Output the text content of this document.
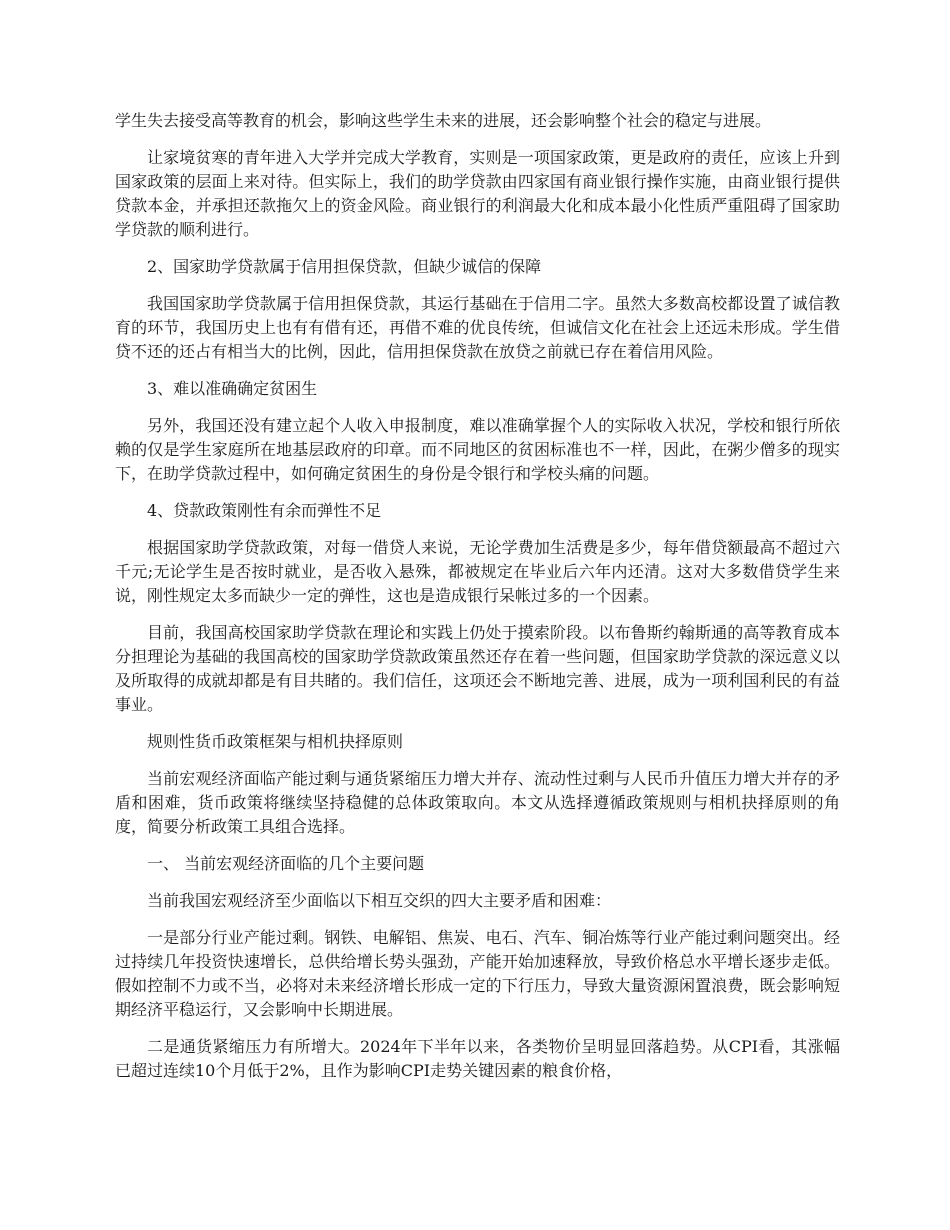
学生失去接受高等教育的机会，影响这些学生未来的进展，还会影响整个社会的稳定与进展。

让家境贫寒的青年进入大学并完成大学教育，实则是一项国家政策，更是政府的责任，应该上升到国家政策的层面上来对待。但实际上，我们的助学贷款由四家国有商业银行操作实施，由商业银行提供贷款本金，并承担还款拖欠上的资金风险。商业银行的利润最大化和成本最小化性质严重阻碍了国家助学贷款的顺利进行。

2、国家助学贷款属于信用担保贷款，但缺少诚信的保障

我国国家助学贷款属于信用担保贷款，其运行基础在于信用二字。虽然大多数高校都设置了诚信教育的环节，我国历史上也有有借有还，再借不难的优良传统，但诚信文化在社会上还远未形成。学生借贷不还的还占有相当大的比例，因此，信用担保贷款在放贷之前就已存在着信用风险。

3、难以准确确定贫困生

另外，我国还没有建立起个人收入申报制度，难以准确掌握个人的实际收入状况，学校和银行所依赖的仅是学生家庭所在地基层政府的印章。而不同地区的贫困标准也不一样，因此，在粥少僧多的现实下，在助学贷款过程中，如何确定贫困生的身份是令银行和学校头痛的问题。

4、贷款政策刚性有余而弹性不足

根据国家助学贷款政策，对每一借贷人来说，无论学费加生活费是多少，每年借贷额最高不超过六千元;无论学生是否按时就业，是否收入悬殊，都被规定在毕业后六年内还清。这对大多数借贷学生来说，刚性规定太多而缺少一定的弹性，这也是造成银行呆帐过多的一个因素。

目前，我国高校国家助学贷款在理论和实践上仍处于摸索阶段。以布鲁斯约翰斯通的高等教育成本分担理论为基础的我国高校的国家助学贷款政策虽然还存在着一些问题，但国家助学贷款的深远意义以及所取得的成就却都是有目共睹的。我们信任，这项还会不断地完善、进展，成为一项利国利民的有益事业。

规则性货币政策框架与相机抉择原则

当前宏观经济面临产能过剩与通货紧缩压力增大并存、流动性过剩与人民币升值压力增大并存的矛盾和困难，货币政策将继续坚持稳健的总体政策取向。本文从选择遵循政策规则与相机抉择原则的角度，简要分析政策工具组合选择。

一、 当前宏观经济面临的几个主要问题

当前我国宏观经济至少面临以下相互交织的四大主要矛盾和困难：

一是部分行业产能过剩。钢铁、电解铝、焦炭、电石、汽车、铜冶炼等行业产能过剩问题突出。经过持续几年投资快速增长，总供给增长势头强劲，产能开始加速释放，导致价格总水平增长逐步走低。假如控制不力或不当，必将对未来经济增长形成一定的下行压力，导致大量资源闲置浪费，既会影响短期经济平稳运行，又会影响中长期进展。

二是通货紧缩压力有所增大。2024年下半年以来，各类物价呈明显回落趋势。从CPI看，其涨幅已超过连续10个月低于2%，且作为影响CPI走势关键因素的粮食价格，
